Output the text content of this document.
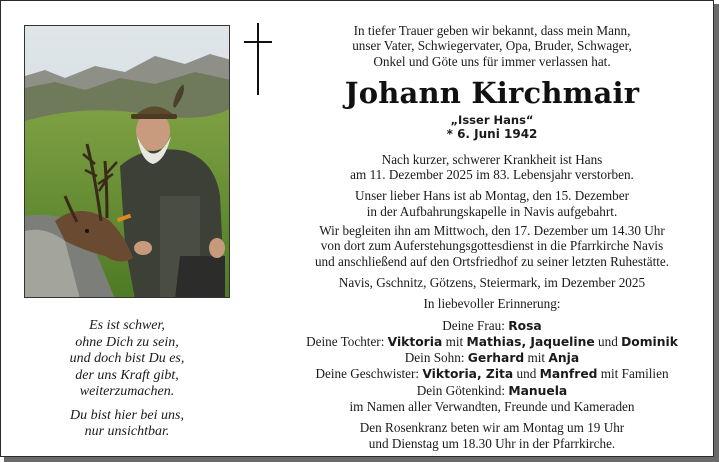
In tiefer Trauer geben wir bekannt, dass mein Mann,

unser Vater, Schwiegervater, Opa, Bruder, Schwager,

Onkel und Göte uns für immer verlassen hat.

Johann Kirchmair

„Isser Hans“

* 6. Juni 1942

Nach kurzer, schwerer Krankheit ist Hans

am 11. Dezember 2025 im 83. Lebensjahr verstorben.

Unser lieber Hans ist ab Montag, den 15. Dezember

in der Aufbahrungskapelle in Navis aufgebahrt.

Wir begleiten ihn am Mittwoch, den 17. Dezember um 14.30 Uhr

von dort zum Auferstehungsgottesdienst in die Pfarrkirche Navis

und anschließend auf den Ortsfriedhof zu seiner letzten Ruhestätte.

Navis, Gschnitz, Götzens, Steiermark, im Dezember 2025

In liebevoller Erinnerung:

Deine Frau: Rosa

Deine Tochter: Viktoria mit Mathias, Jaqueline und Dominik

Dein Sohn: Gerhard mit Anja

Deine Geschwister: Viktoria, Zita und Manfred mit Familien

Dein Götenkind: Manuela

im Namen aller Verwandten, Freunde und Kameraden

Den Rosenkranz beten wir am Montag um 19 Uhr

und Dienstag um 18.30 Uhr in der Pfarrkirche.

Es ist schwer,

ohne Dich zu sein,

und doch bist Du es,

der uns Kraft gibt,

weiterzumachen.

Du bist hier bei uns,

nur unsichtbar.
